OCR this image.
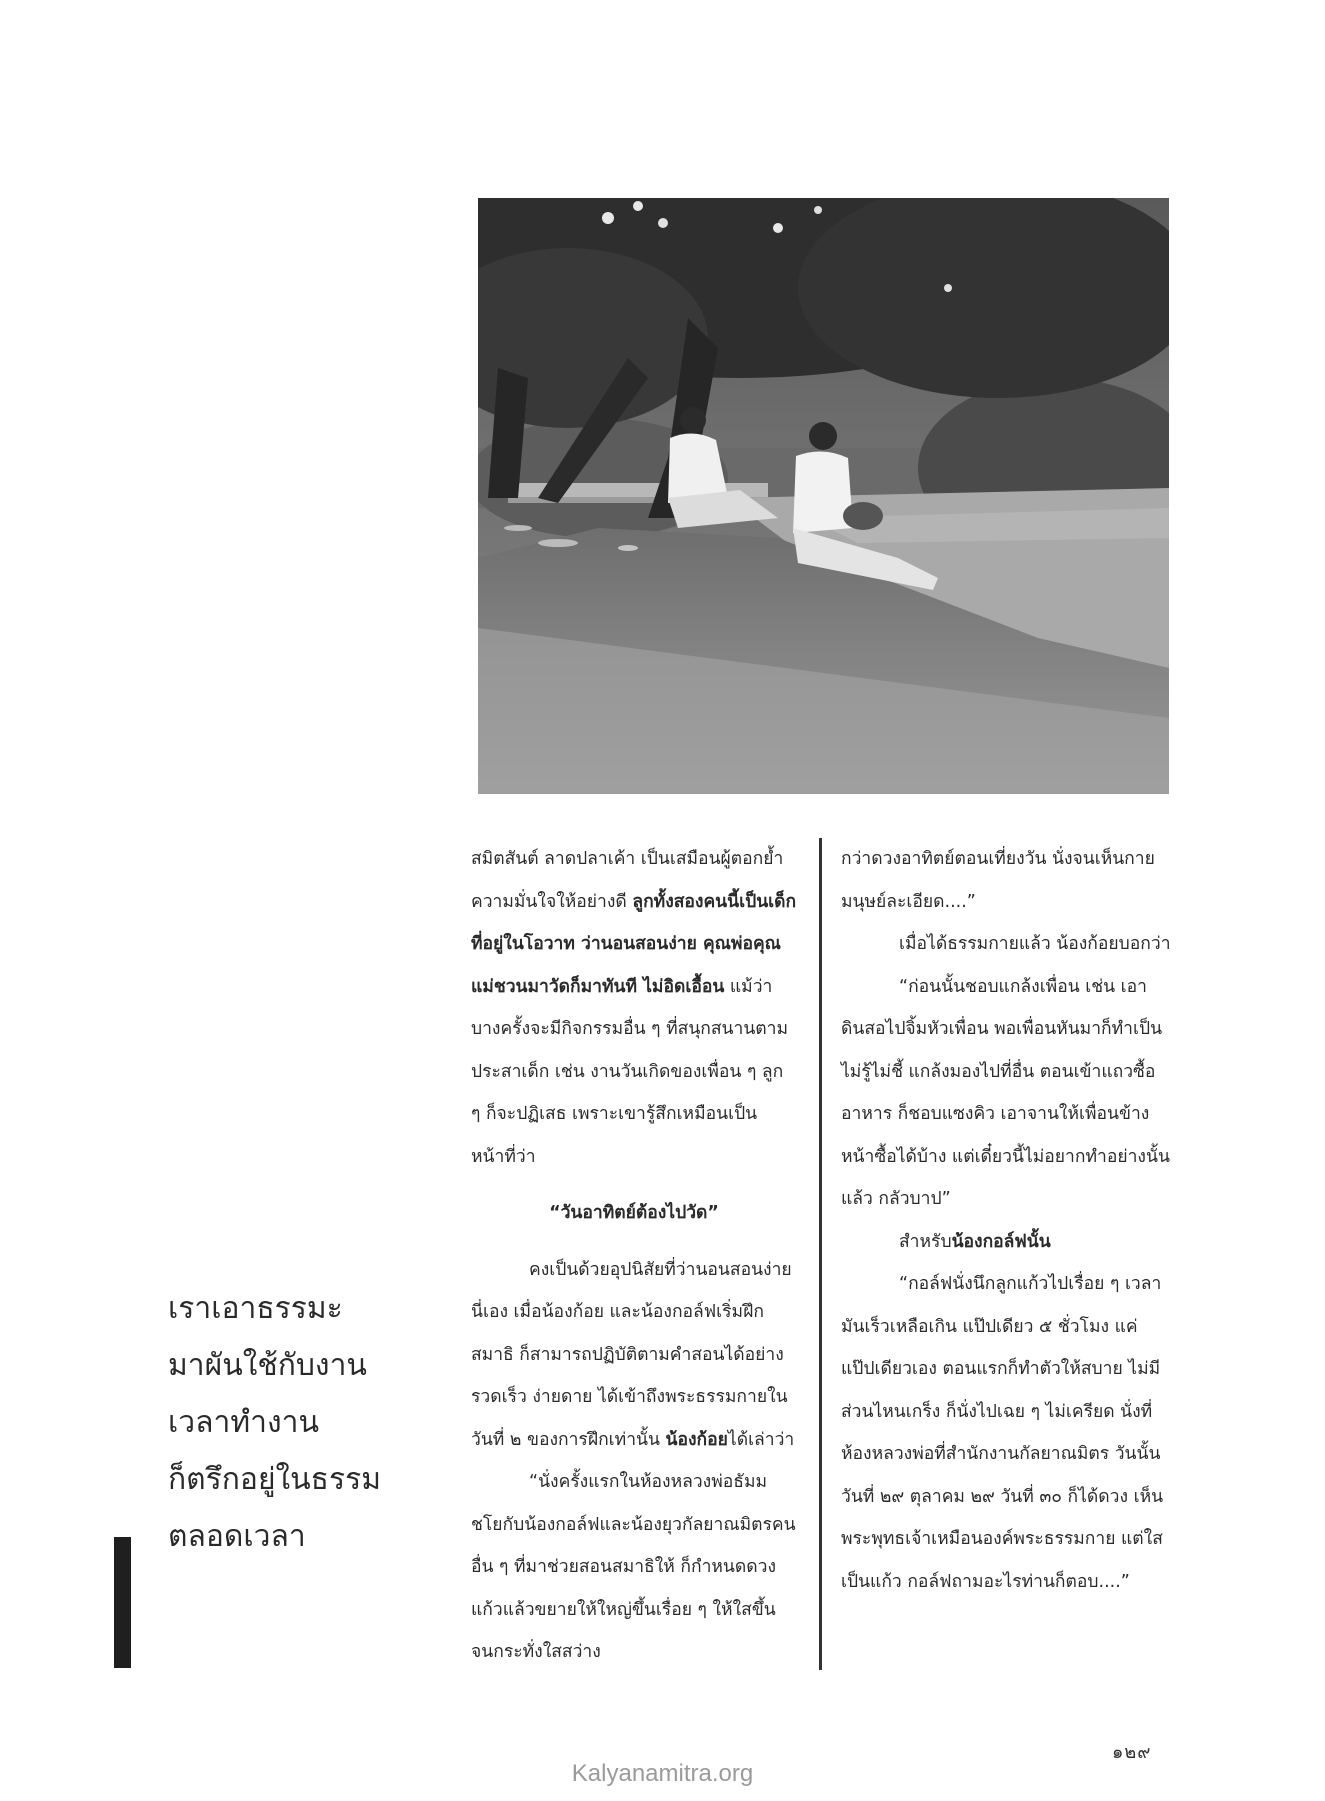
สมิตสันต์ ลาดปลาเค้า เป็นเสมือนผู้ตอกย้ำความมั่นใจให้อย่างดี ลูกทั้งสองคนนี้เป็นเด็กที่อยู่ในโอวาท ว่านอนสอนง่าย คุณพ่อคุณแม่ชวนมาวัดก็มาทันที ไม่อิดเอื้อน แม้ว่าบางครั้งจะมีกิจกรรมอื่น ๆ ที่สนุกสนานตามประสาเด็ก เช่น งานวันเกิดของเพื่อน ๆ ลูก ๆ ก็จะปฏิเสธ เพราะเขารู้สึกเหมือนเป็นหน้าที่ว่า

“วันอาทิตย์ต้องไปวัด”

คงเป็นด้วยอุปนิสัยที่ว่านอนสอนง่ายนี่เอง เมื่อน้องก้อย และน้องกอล์ฟเริ่มฝึกสมาธิ ก็สามารถปฏิบัติตามคำสอนได้อย่างรวดเร็ว ง่ายดาย ได้เข้าถึงพระธรรมกายในวันที่ ๒ ของการฝึกเท่านั้น น้องก้อยได้เล่าว่า

“นั่งครั้งแรกในห้องหลวงพ่อธัมมชโยกับน้องกอล์ฟและน้องยุวกัลยาณมิตรคนอื่น ๆ ที่มาช่วยสอนสมาธิให้ ก็กำหนดดวงแก้วแล้วขยายให้ใหญ่ขึ้นเรื่อย ๆ ให้ใสขึ้น จนกระทั่งใสสว่าง

กว่าดวงอาทิตย์ตอนเที่ยงวัน นั่งจนเห็นกายมนุษย์ละเอียด....”

เมื่อได้ธรรมกายแล้ว น้องก้อยบอกว่า

“ก่อนนั้นชอบแกล้งเพื่อน เช่น เอาดินสอไปจิ้มหัวเพื่อน พอเพื่อนหันมาก็ทำเป็นไม่รู้ไม่ชี้ แกล้งมองไปที่อื่น ตอนเข้าแถวซื้ออาหาร ก็ชอบแซงคิว เอาจานให้เพื่อนข้างหน้าซื้อได้บ้าง แต่เดี๋ยวนี้ไม่อยากทำอย่างนั้นแล้ว กลัวบาป”

สำหรับน้องกอล์ฟนั้น

“กอล์ฟนั่งนึกลูกแก้วไปเรื่อย ๆ เวลามันเร็วเหลือเกิน แป๊ปเดียว ๕ ชั่วโมง แค่แป๊ปเดียวเอง ตอนแรกก็ทำตัวให้สบาย ไม่มีส่วนไหนเกร็ง ก็นั่งไปเฉย ๆ ไม่เครียด นั่งที่ห้องหลวงพ่อที่สำนักงานกัลยาณมิตร วันนั้นวันที่ ๒๙ ตุลาคม ๒๙ วันที่ ๓๐ ก็ได้ดวง เห็นพระพุทธเจ้าเหมือนองค์พระธรรมกาย แต่ใสเป็นแก้ว กอล์ฟถามอะไรท่านก็ตอบ....”

เราเอาธรรมะ
มาผันใช้กับงาน
เวลาทำงาน
ก็ตรึกอยู่ในธรรม
ตลอดเวลา
๑๒๙
Kalyanamitra.org
